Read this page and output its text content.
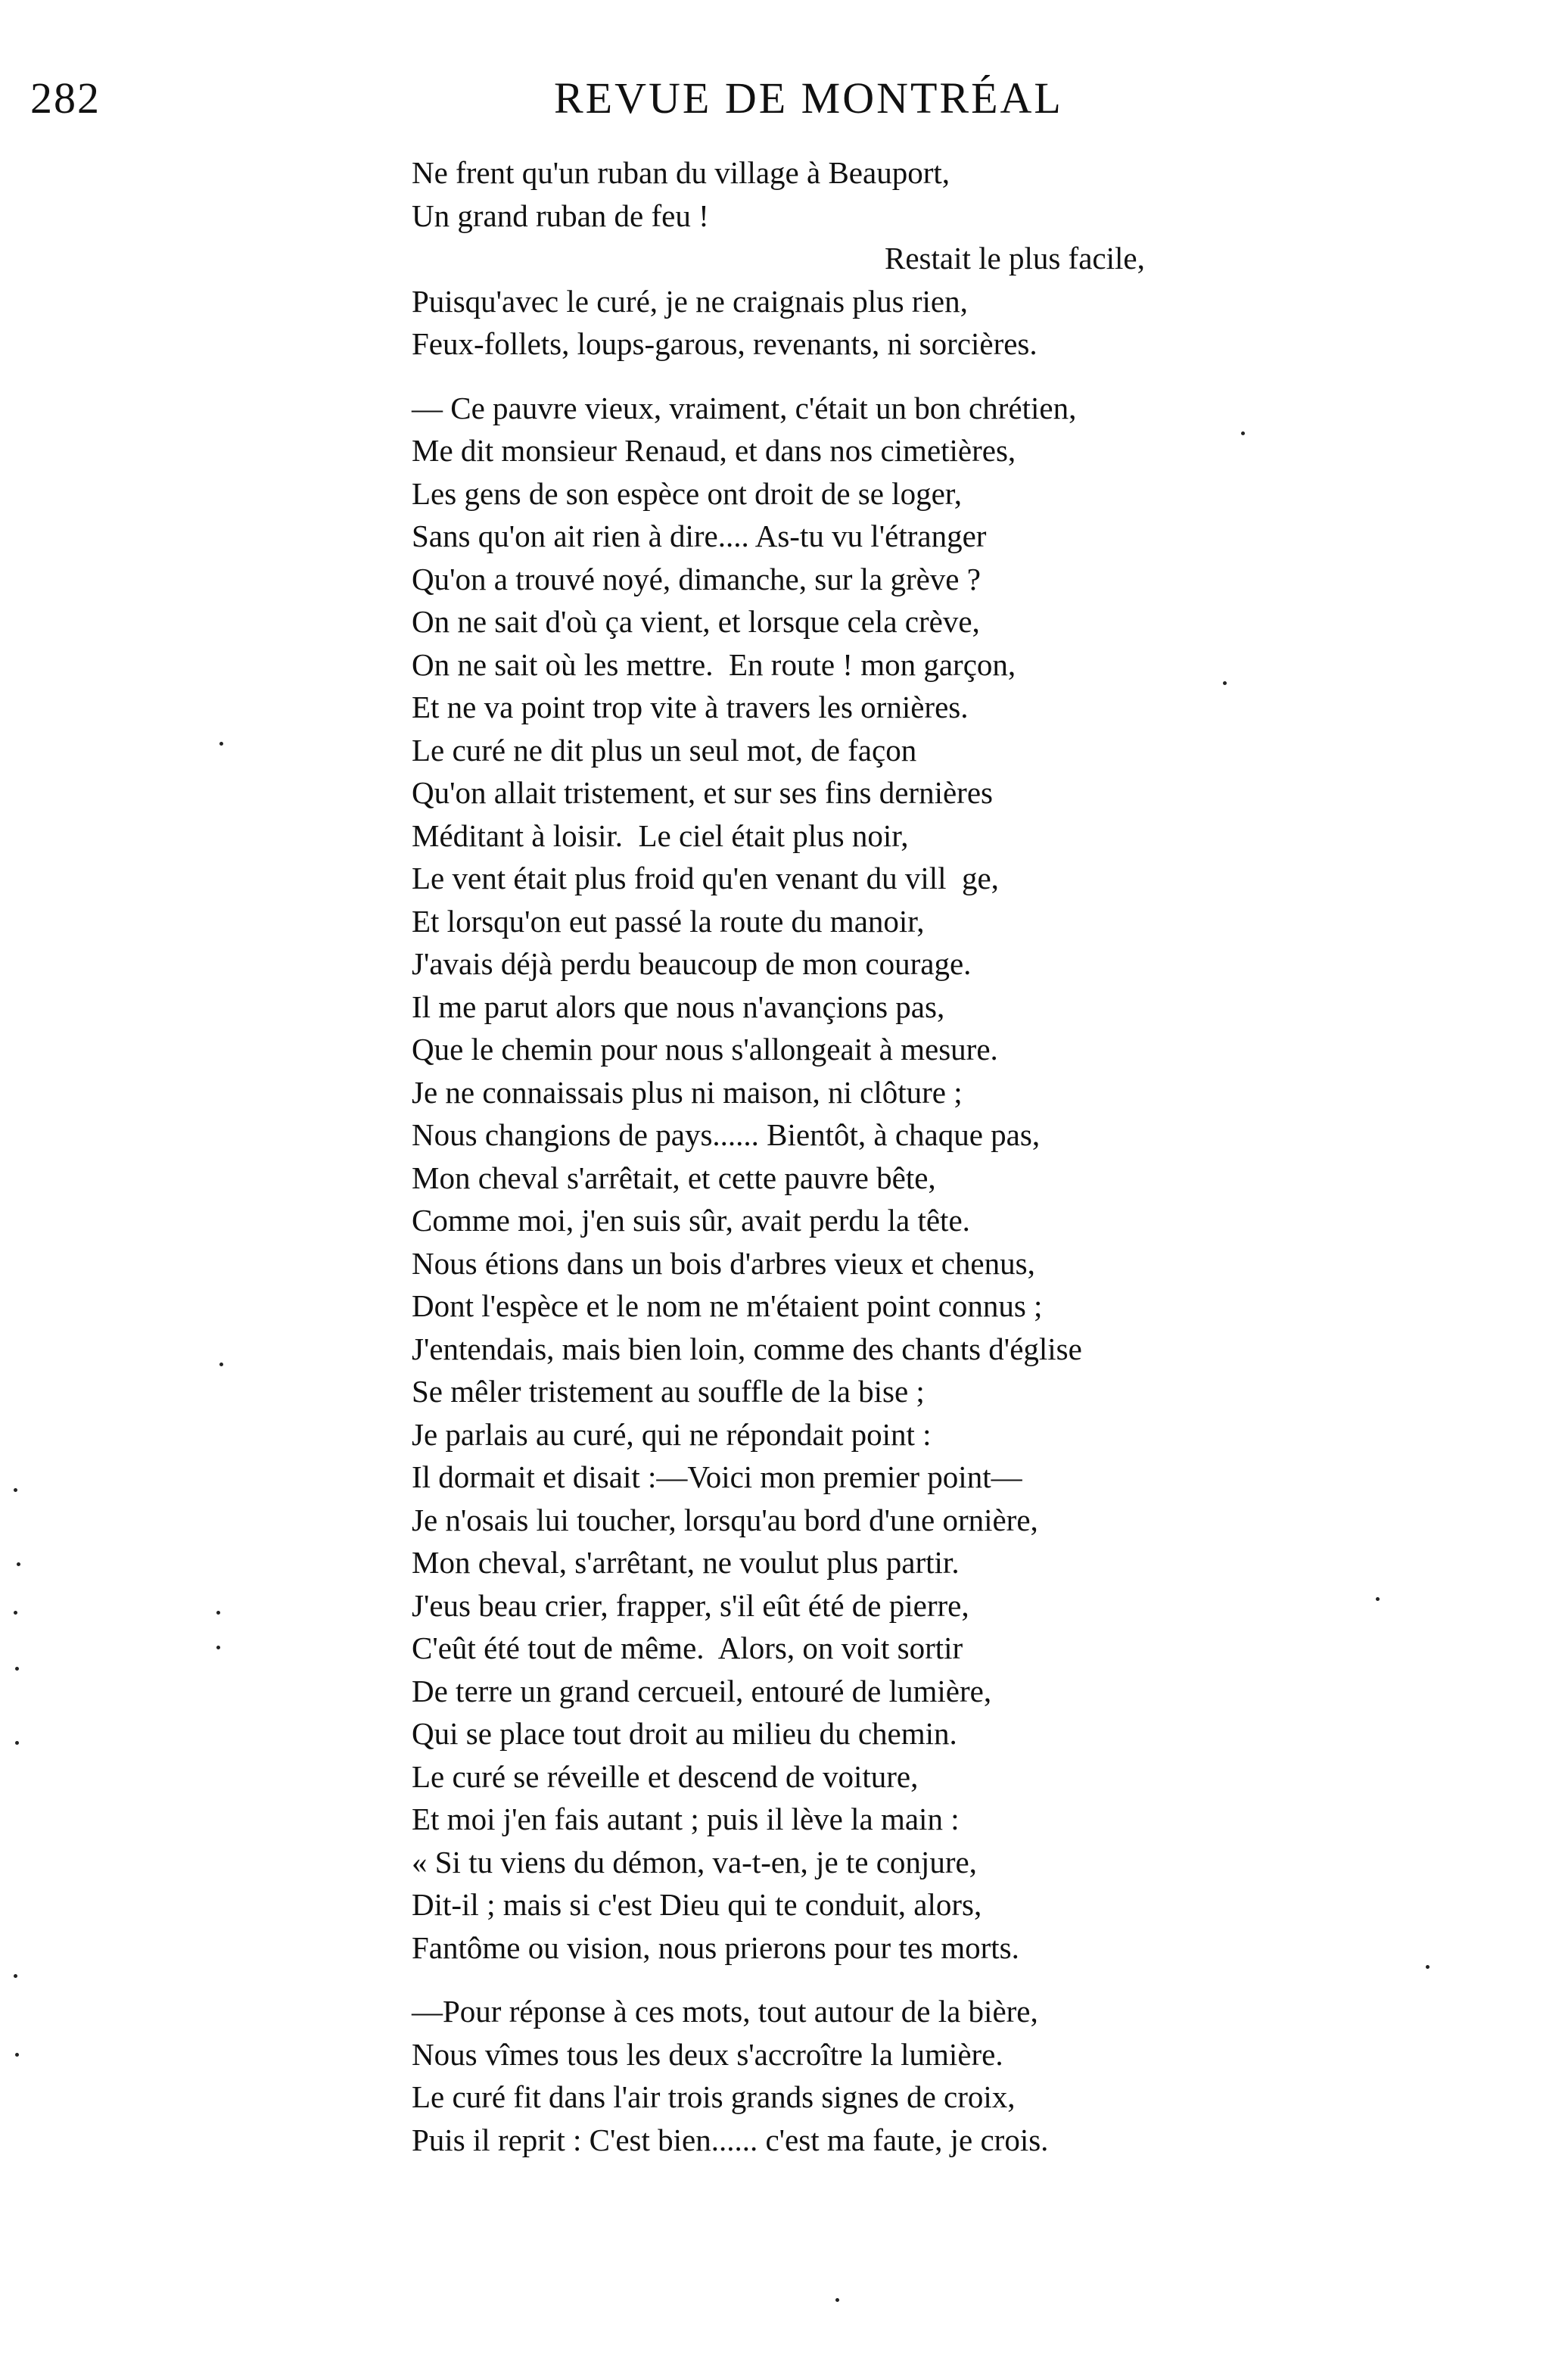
282	REVUE DE MONTRÉAL
Ne frent qu'un ruban du village à Beauport,
Un grand ruban de feu !
Restait le plus facile,
Puisqu'avec le curé, je ne craignais plus rien,
Feux-follets, loups-garous, revenants, ni sorcières.
— Ce pauvre vieux, vraiment, c'était un bon chrétien,
Me dit monsieur Renaud, et dans nos cimetières,
Les gens de son espèce ont droit de se loger,
Sans qu'on ait rien à dire.... As-tu vu l'étranger
Qu'on a trouvé noyé, dimanche, sur la grève ?
On ne sait d'où ça vient, et lorsque cela crève,
On ne sait où les mettre.  En route ! mon garçon,
Et ne va point trop vite à travers les ornières.
Le curé ne dit plus un seul mot, de façon
Qu'on allait tristement, et sur ses fins dernières
Méditant à loisir.  Le ciel était plus noir,
Le vent était plus froid qu'en venant du vill  ge,
Et lorsqu'on eut passé la route du manoir,
J'avais déjà perdu beaucoup de mon courage.
Il me parut alors que nous n'avançions pas,
Que le chemin pour nous s'allongeait à mesure.
Je ne connaissais plus ni maison, ni clôture ;
Nous changions de pays...... Bientôt, à chaque pas,
Mon cheval s'arrêtait, et cette pauvre bête,
Comme moi, j'en suis sûr, avait perdu la tête.
Nous étions dans un bois d'arbres vieux et chenus,
Dont l'espèce et le nom ne m'étaient point connus ;
J'entendais, mais bien loin, comme des chants d'église
Se mêler tristement au souffle de la bise ;
Je parlais au curé, qui ne répondait point :
Il dormait et disait :—Voici mon premier point—
Je n'osais lui toucher, lorsqu'au bord d'une ornière,
Mon cheval, s'arrêtant, ne voulut plus partir.
J'eus beau crier, frapper, s'il eût été de pierre,
C'eût été tout de même.  Alors, on voit sortir
De terre un grand cercueil, entouré de lumière,
Qui se place tout droit au milieu du chemin.
Le curé se réveille et descend de voiture,
Et moi j'en fais autant ; puis il lève la main :
« Si tu viens du démon, va-t-en, je te conjure,
Dit-il ; mais si c'est Dieu qui te conduit, alors,
Fantôme ou vision, nous prierons pour tes morts.
—Pour réponse à ces mots, tout autour de la bière,
Nous vîmes tous les deux s'accroître la lumière.
Le curé fit dans l'air trois grands signes de croix,
Puis il reprit : C'est bien...... c'est ma faute, je crois.
